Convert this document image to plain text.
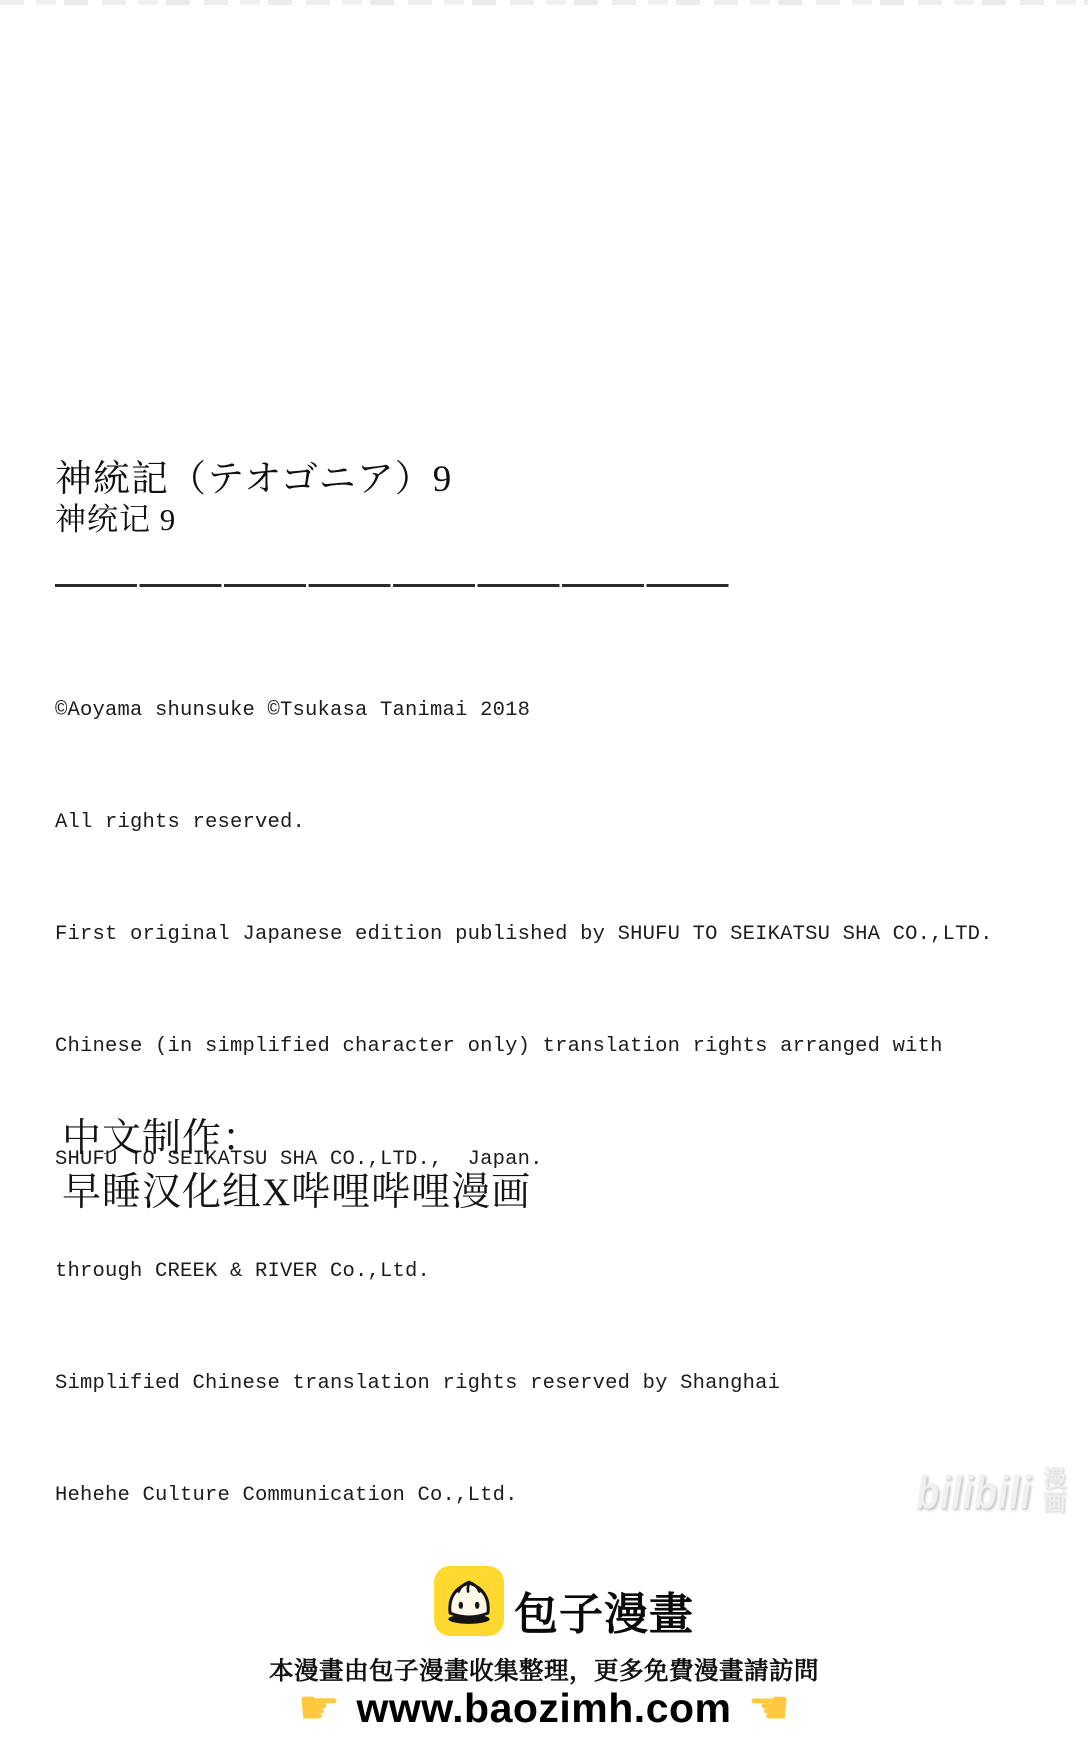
神統記（テオゴニア）9
神统记 9

©Aoyama shunsuke ©Tsukasa Tanimai 2018

All rights reserved.

First original Japanese edition published by SHUFU TO SEIKATSU SHA CO.,LTD.

Chinese (in simplified character only) translation rights arranged with

SHUFU TO SEIKATSU SHA CO.,LTD.,  Japan.

through CREEK & RIVER Co.,Ltd.

Simplified Chinese translation rights reserved by Shanghai

Hehehe Culture Communication Co.,Ltd.

中文制作：
早睡汉化组X哔哩哔哩漫画
bilibili 漫
画
包子漫畫
本漫畫由包子漫畫收集整理，更多免費漫畫請訪問
☛ www.baozimh.com ☚
